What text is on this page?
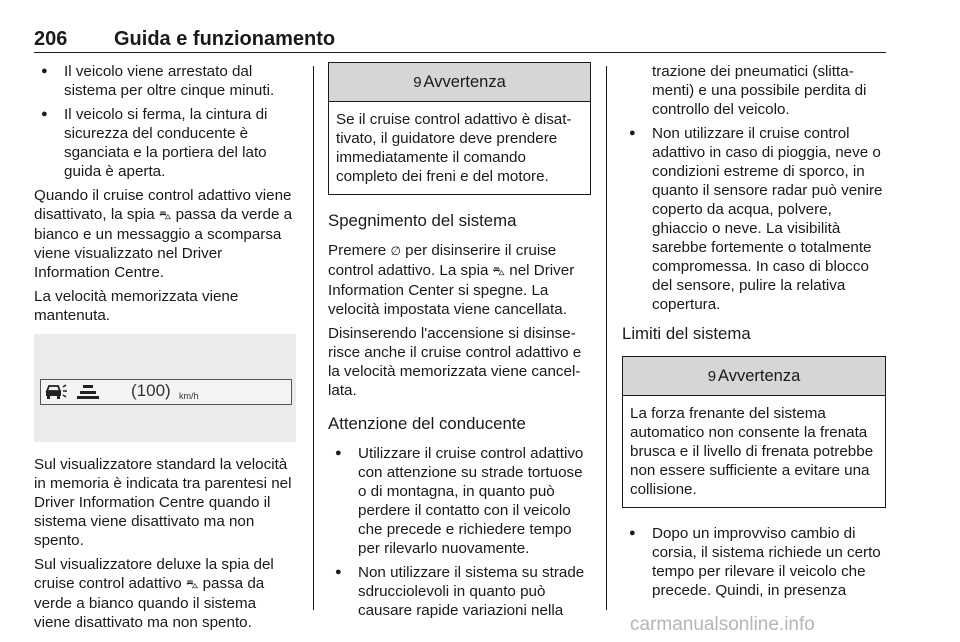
206 Guida e funzionamento
● Il veicolo viene arrestato dal sistema per oltre cinque minuti.
● Il veicolo si ferma, la cintura di sicurezza del conducente è sganciata e la portiera del lato guida è aperta.

Quando il cruise control adattivo viene disattivato, la spia ⛍ passa da verde a bianco e un messaggio a scomparsa viene visualizzato nel Driver Information Centre.

La velocità memorizzata viene mantenuta.

(100) km/h

Sul visualizzatore standard la velocità in memoria è indicata tra parentesi nel Driver Information Centre quando il sistema viene disattivato ma non spento.

Sul visualizzatore deluxe la spia del cruise control adattivo ⛍ passa da verde a bianco quando il sistema viene disattivato ma non spento.

9 Avvertenza
Se il cruise control adattivo è disat-tivato, il guidatore deve prendere immediatamente il comando completo dei freni e del motore.
Spegnimento del sistema

Premere ∅ per disinserire il cruise control adattivo. La spia ⛍ nel Driver Information Center si spegne. La velocità impostata viene cancellata.

Disinserendo l'accensione si disinse-risce anche il cruise control adattivo e la velocità memorizzata viene cancel-lata.

Attenzione del conducente
● Utilizzare il cruise control adattivo con attenzione su strade tortuose o di montagna, in quanto può perdere il contatto con il veicolo che precede e richiedere tempo per rilevarlo nuovamente.
● Non utilizzare il sistema su strade sdrucciolevoli in quanto può causare rapide variazioni nella

trazione dei pneumatici (slitta-menti) e una possibile perdita di controllo del veicolo.

● Non utilizzare il cruise control adattivo in caso di pioggia, neve o condizioni estreme di sporco, in quanto il sensore radar può venire coperto da acqua, polvere, ghiaccio o neve. La visibilità sarebbe fortemente o totalmente compromessa. In caso di blocco del sensore, pulire la relativa copertura.
Limiti del sistema
9 Avvertenza
La forza frenante del sistema automatico non consente la frenata brusca e il livello di frenata potrebbe non essere sufficiente a evitare una collisione.
● Dopo un improvviso cambio di corsia, il sistema richiede un certo tempo per rilevare il veicolo che precede. Quindi, in presenza
carmanualsonline.info
